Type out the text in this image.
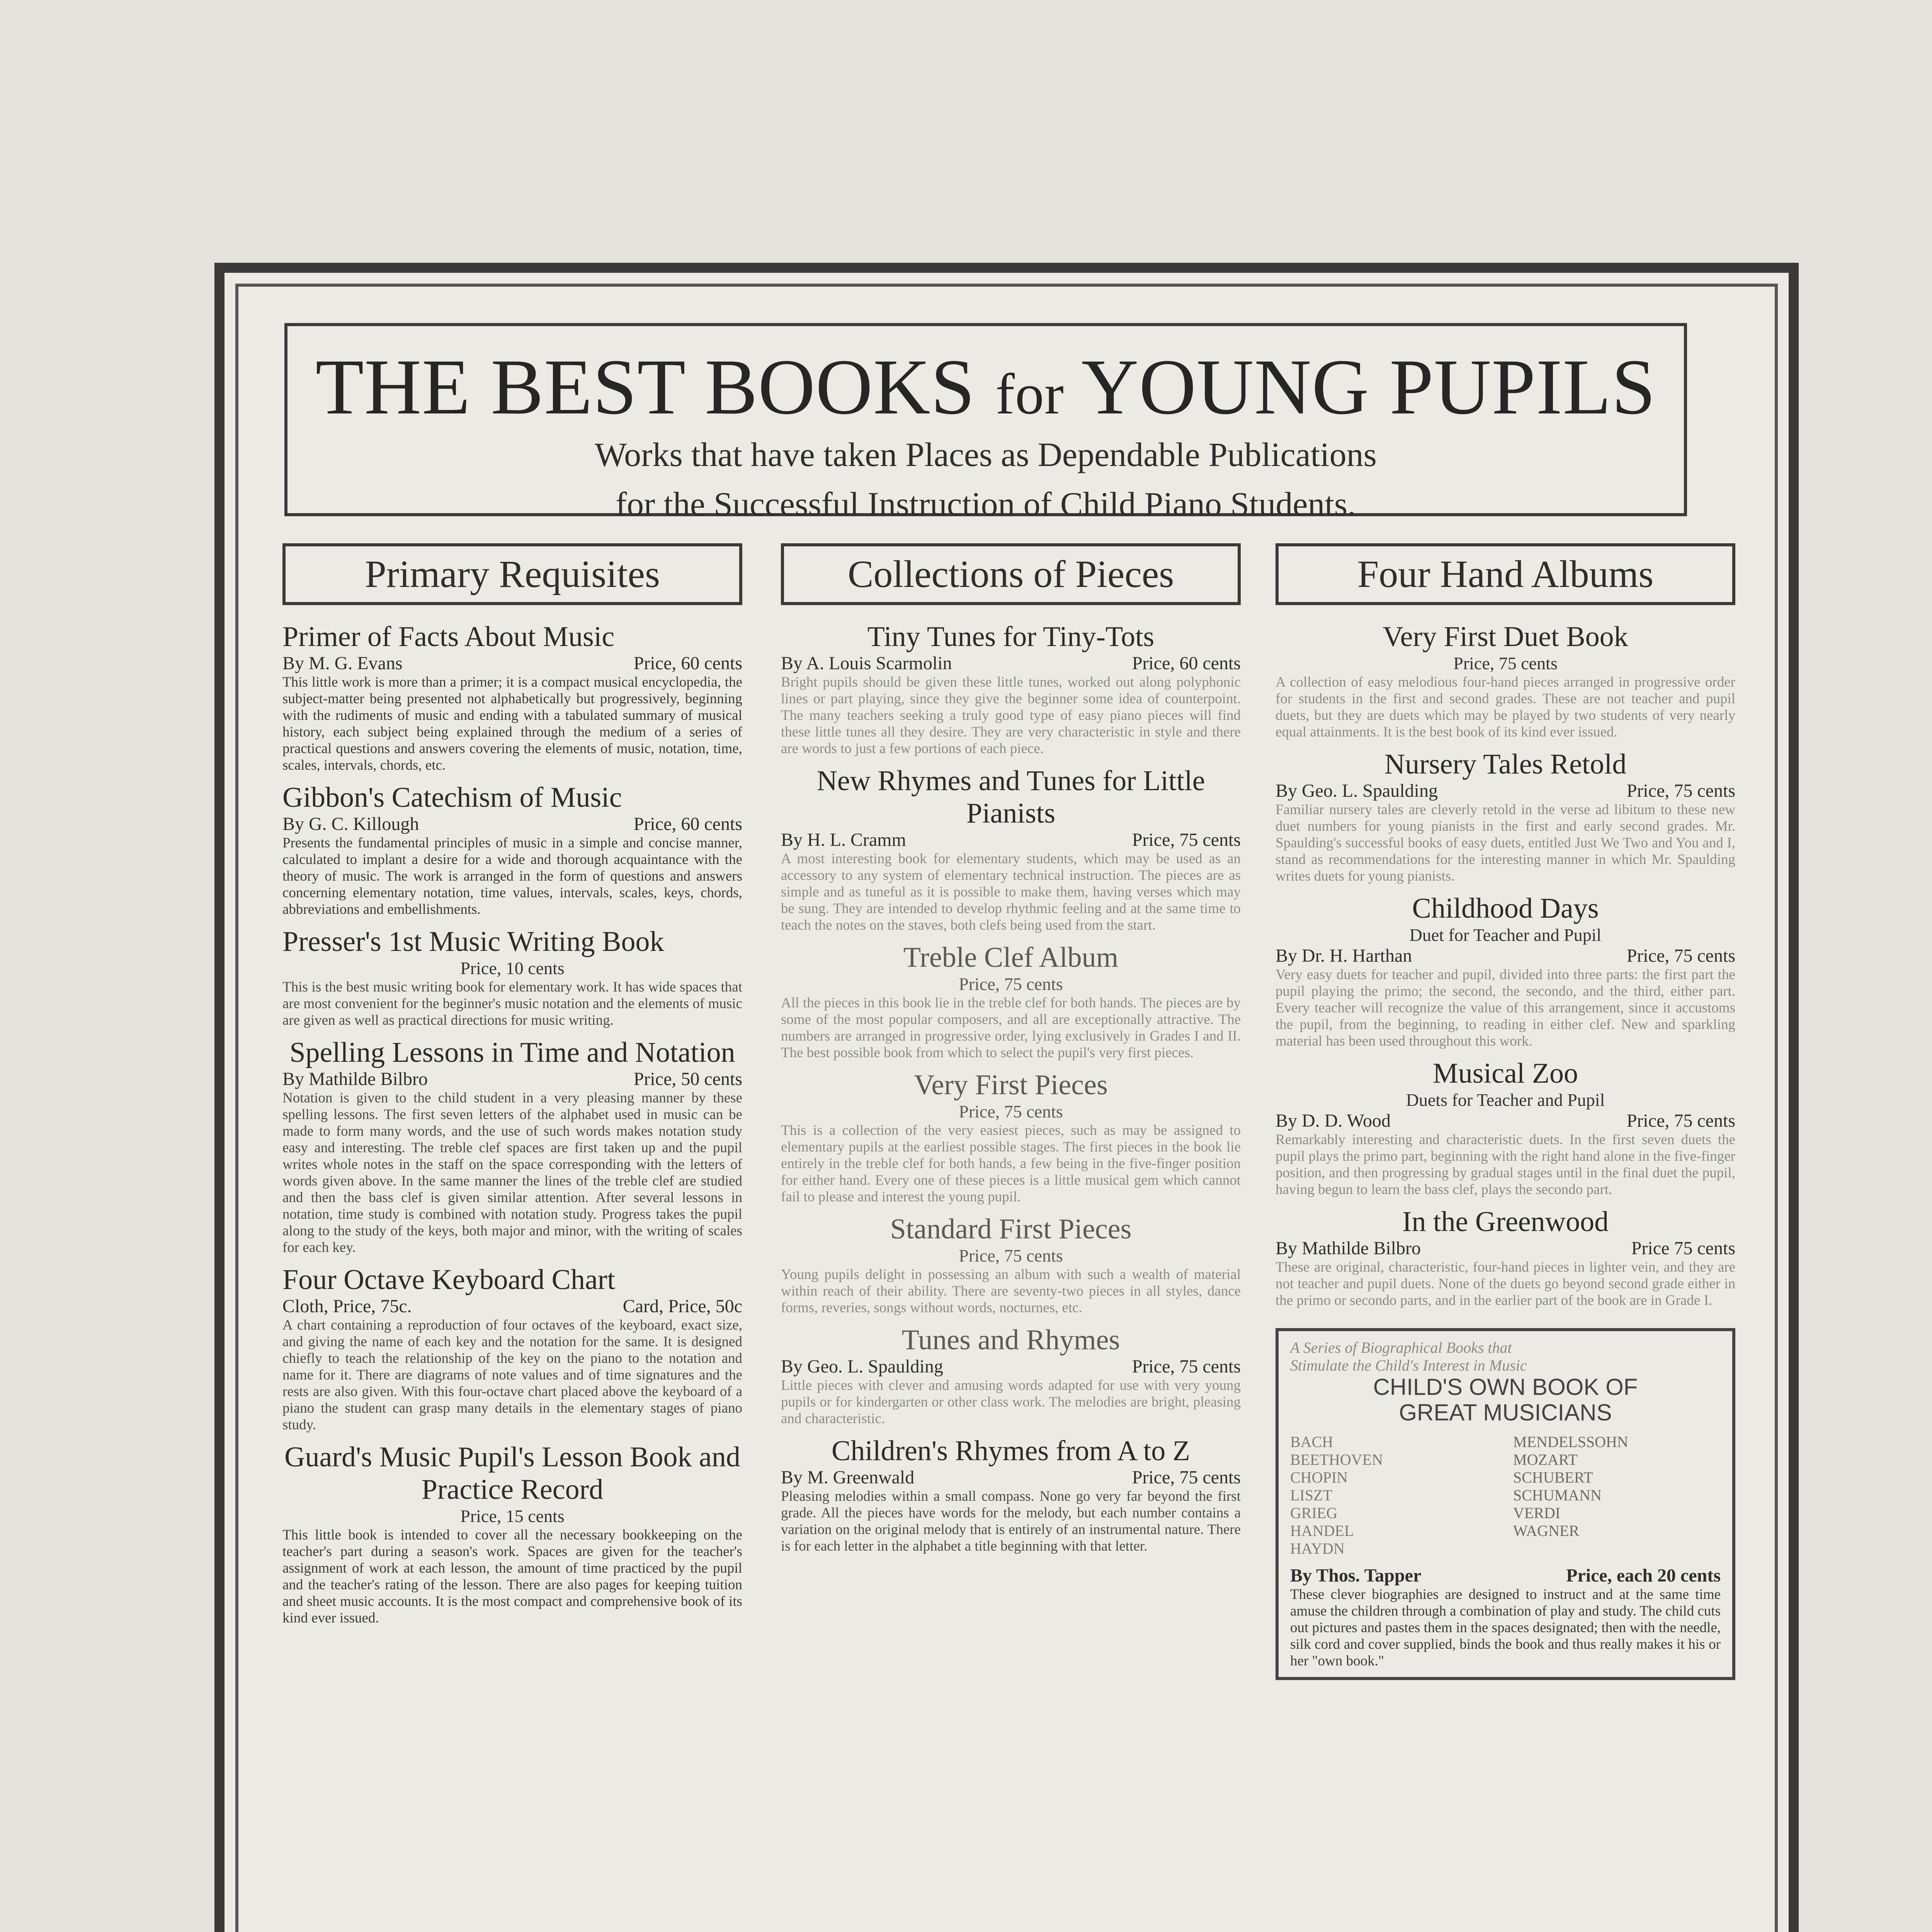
THE BEST BOOKS for YOUNG PUPILS
Works that have taken Places as Dependable Publications
for the Successful Instruction of Child Piano Students.
Primary Requisites
Primer of Facts About Music
By M. G. Evans	Price, 60 cents
This little work is more than a primer; it is a compact musical encyclopedia, the subject-matter being presented not alphabetically but progressively, beginning with the rudiments of music and ending with a tabulated summary of musical history, each subject being explained through the medium of a series of practical questions and answers covering the elements of music, notation, time, scales, intervals, chords, etc.
Gibbon's Catechism of Music
By G. C. Killough	Price, 60 cents
Presents the fundamental principles of music in a simple and concise manner, calculated to implant a desire for a wide and thorough acquaintance with the theory of music. The work is arranged in the form of questions and answers concerning elementary notation, time values, intervals, scales, keys, chords, abbreviations and embellishments.
Presser's 1st Music Writing Book
Price, 10 cents
This is the best music writing book for elementary work. It has wide spaces that are most convenient for the beginner's music notation and the elements of music are given as well as practical directions for music writing.
Spelling Lessons in Time and Notation
By Mathilde Bilbro	Price, 50 cents
Notation is given to the child student in a very pleasing manner by these spelling lessons. The first seven letters of the alphabet used in music can be made to form many words, and the use of such words makes notation study easy and interesting. The treble clef spaces are first taken up and the pupil writes whole notes in the staff on the space corresponding with the letters of words given above. In the same manner the lines of the treble clef are studied and then the bass clef is given similar attention. After several lessons in notation, time study is combined with notation study. Progress takes the pupil along to the study of the keys, both major and minor, with the writing of scales for each key.
Four Octave Keyboard Chart
Cloth, Price, 75c.	Card, Price, 50c
A chart containing a reproduction of four octaves of the keyboard, exact size, and giving the name of each key and the notation for the same. It is designed chiefly to teach the relationship of the key on the piano to the notation and name for it. There are diagrams of note values and of time signatures and the rests are also given. With this four-octave chart placed above the keyboard of a piano the student can grasp many details in the elementary stages of piano study.
Guard's Music Pupil's Lesson Book and Practice Record
Price, 15 cents
This little book is intended to cover all the necessary bookkeeping on the teacher's part during a season's work. Spaces are given for the teacher's assignment of work at each lesson, the amount of time practiced by the pupil and the teacher's rating of the lesson. There are also pages for keeping tuition and sheet music accounts. It is the most compact and comprehensive book of its kind ever issued.
Collections of Pieces
Tiny Tunes for Tiny-Tots
By A. Louis Scarmolin	Price, 60 cents
Bright pupils should be given these little tunes, worked out along polyphonic lines or part playing, since they give the beginner some idea of counterpoint. The many teachers seeking a truly good type of easy piano pieces will find these little tunes all they desire. They are very characteristic in style and there are words to just a few portions of each piece.
New Rhymes and Tunes for Little Pianists
By H. L. Cramm	Price, 75 cents
A most interesting book for elementary students, which may be used as an accessory to any system of elementary technical instruction. The pieces are as simple and as tuneful as it is possible to make them, having verses which may be sung. They are intended to develop rhythmic feeling and at the same time to teach the notes on the staves, both clefs being used from the start.
Treble Clef Album
Price, 75 cents
All the pieces in this book lie in the treble clef for both hands. The pieces are by some of the most popular composers, and all are exceptionally attractive. The numbers are arranged in progressive order, lying exclusively in Grades I and II. The best possible book from which to select the pupil's very first pieces.
Very First Pieces
Price, 75 cents
This is a collection of the very easiest pieces, such as may be assigned to elementary pupils at the earliest possible stages. The first pieces in the book lie entirely in the treble clef for both hands, a few being in the five-finger position for either hand. Every one of these pieces is a little musical gem which cannot fail to please and interest the young pupil.
Standard First Pieces
Price, 75 cents
Young pupils delight in possessing an album with such a wealth of material within reach of their ability. There are seventy-two pieces in all styles, dance forms, reveries, songs without words, nocturnes, etc.
Tunes and Rhymes
By Geo. L. Spaulding	Price, 75 cents
Little pieces with clever and amusing words adapted for use with very young pupils or for kindergarten or other class work. The melodies are bright, pleasing and characteristic.
Children's Rhymes from A to Z
By M. Greenwald	Price, 75 cents
Pleasing melodies within a small compass. None go very far beyond the first grade. All the pieces have words for the melody, but each number contains a variation on the original melody that is entirely of an instrumental nature. There is for each letter in the alphabet a title beginning with that letter.
Four Hand Albums
Very First Duet Book
Price, 75 cents
A collection of easy melodious four-hand pieces arranged in progressive order for students in the first and second grades. These are not teacher and pupil duets, but they are duets which may be played by two students of very nearly equal attainments. It is the best book of its kind ever issued.
Nursery Tales Retold
By Geo. L. Spaulding	Price, 75 cents
Familiar nursery tales are cleverly retold in the verse ad libitum to these new duet numbers for young pianists in the first and early second grades. Mr. Spaulding's successful books of easy duets, entitled Just We Two and You and I, stand as recommendations for the interesting manner in which Mr. Spaulding writes duets for young pianists.
Childhood Days
Duet for Teacher and Pupil
By Dr. H. Harthan	Price, 75 cents
Very easy duets for teacher and pupil, divided into three parts: the first part the pupil playing the primo; the second, the secondo, and the third, either part. Every teacher will recognize the value of this arrangement, since it accustoms the pupil, from the beginning, to reading in either clef. New and sparkling material has been used throughout this work.
Musical Zoo
Duets for Teacher and Pupil
By D. D. Wood	Price, 75 cents
Remarkably interesting and characteristic duets. In the first seven duets the pupil plays the primo part, beginning with the right hand alone in the five-finger position, and then progressing by gradual stages until in the final duet the pupil, having begun to learn the bass clef, plays the secondo part.
In the Greenwood
By Mathilde Bilbro	Price 75 cents
These are original, characteristic, four-hand pieces in lighter vein, and they are not teacher and pupil duets. None of the duets go beyond second grade either in the primo or secondo parts, and in the earlier part of the book are in Grade I.
A Series of Biographical Books that
Stimulate the Child's Interest in Music
CHILD'S OWN BOOK OF
GREAT MUSICIANS
BACH
BEETHOVEN
CHOPIN
LISZT
GRIEG
HANDEL
HAYDN
MENDELSSOHN
MOZART
SCHUBERT
SCHUMANN
VERDI
WAGNER
By Thos. Tapper	Price, each 20 cents
These clever biographies are designed to instruct and at the same time amuse the children through a combination of play and study. The child cuts out pictures and pastes them in the spaces designated; then with the needle, silk cord and cover supplied, binds the book and thus really makes it his or her "own book."
